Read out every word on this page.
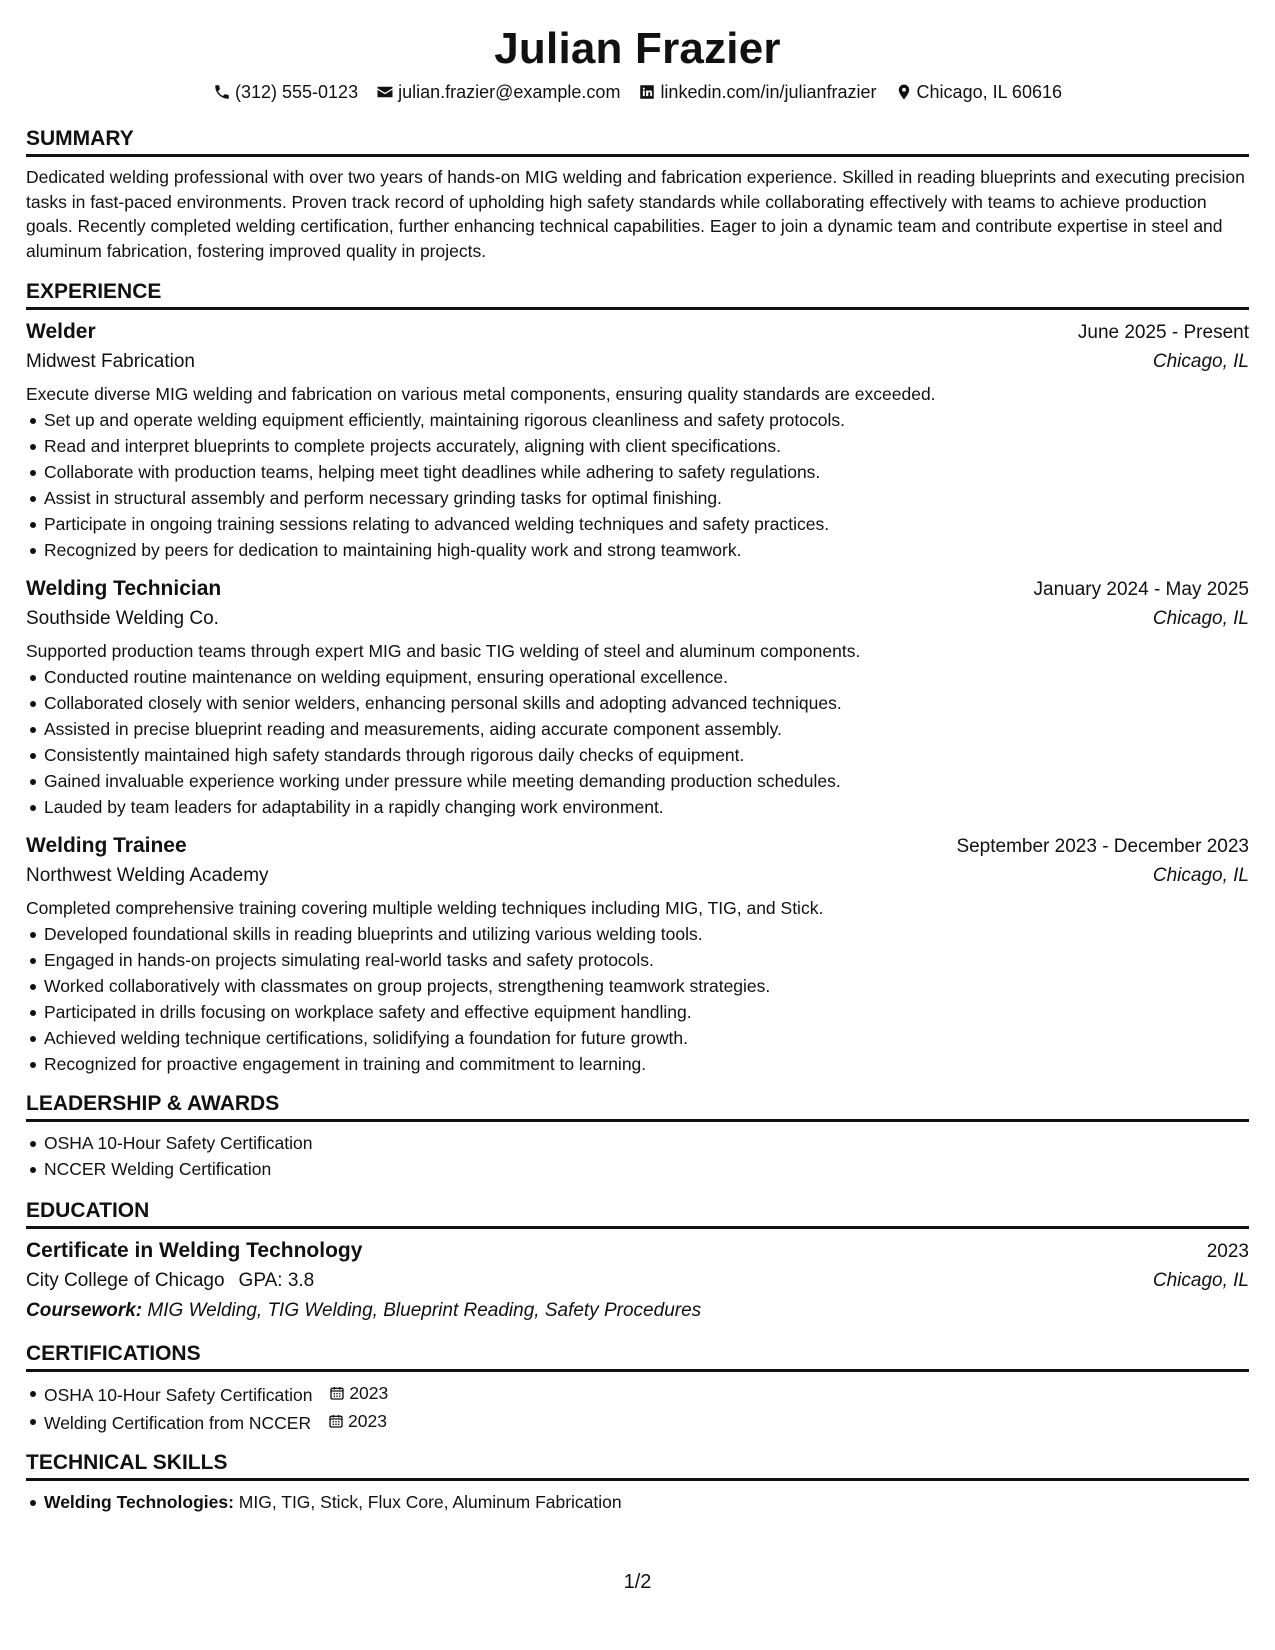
Julian Frazier
(312) 555-0123 julian.frazier@example.com linkedin.com/in/julianfrazier Chicago, IL 60616
SUMMARY

Dedicated welding professional with over two years of hands-on MIG welding and fabrication experience. Skilled in reading blueprints and executing precision tasks in fast-paced environments. Proven track record of upholding high safety standards while collaborating effectively with teams to achieve production goals. Recently completed welding certification, further enhancing technical capabilities. Eager to join a dynamic team and contribute expertise in steel and aluminum fabrication, fostering improved quality in projects.

EXPERIENCE
Welder	June 2025 - Present
Midwest Fabrication	Chicago, IL

Execute diverse MIG welding and fabrication on various metal components, ensuring quality standards are exceeded.

Set up and operate welding equipment efficiently, maintaining rigorous cleanliness and safety protocols.
Read and interpret blueprints to complete projects accurately, aligning with client specifications.
Collaborate with production teams, helping meet tight deadlines while adhering to safety regulations.
Assist in structural assembly and perform necessary grinding tasks for optimal finishing.
Participate in ongoing training sessions relating to advanced welding techniques and safety practices.
Recognized by peers for dedication to maintaining high-quality work and strong teamwork.
Welding Technician	January 2024 - May 2025
Southside Welding Co.	Chicago, IL

Supported production teams through expert MIG and basic TIG welding of steel and aluminum components.

Conducted routine maintenance on welding equipment, ensuring operational excellence.
Collaborated closely with senior welders, enhancing personal skills and adopting advanced techniques.
Assisted in precise blueprint reading and measurements, aiding accurate component assembly.
Consistently maintained high safety standards through rigorous daily checks of equipment.
Gained invaluable experience working under pressure while meeting demanding production schedules.
Lauded by team leaders for adaptability in a rapidly changing work environment.
Welding Trainee	September 2023 - December 2023
Northwest Welding Academy	Chicago, IL

Completed comprehensive training covering multiple welding techniques including MIG, TIG, and Stick.

Developed foundational skills in reading blueprints and utilizing various welding tools.
Engaged in hands-on projects simulating real-world tasks and safety protocols.
Worked collaboratively with classmates on group projects, strengthening teamwork strategies.
Participated in drills focusing on workplace safety and effective equipment handling.
Achieved welding technique certifications, solidifying a foundation for future growth.
Recognized for proactive engagement in training and commitment to learning.
LEADERSHIP & AWARDS
OSHA 10-Hour Safety Certification
NCCER Welding Certification
EDUCATION
Certificate in Welding Technology	2023
City College of Chicago GPA: 3.8	Chicago, IL
Coursework: MIG Welding, TIG Welding, Blueprint Reading, Safety Procedures
CERTIFICATIONS
OSHA 10-Hour Safety Certification 2023
Welding Certification from NCCER 2023
TECHNICAL SKILLS
Welding Technologies: MIG, TIG, Stick, Flux Core, Aluminum Fabrication
1/2
